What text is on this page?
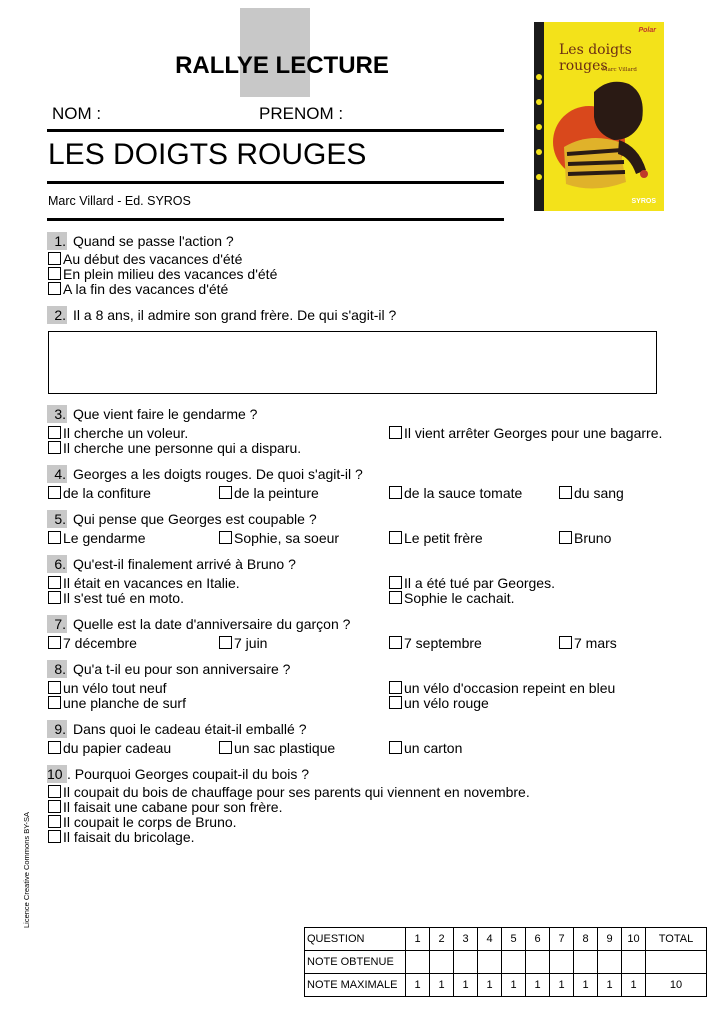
RALLYE LECTURE
NOM :	PRENOM :
LES DOIGTS ROUGES
Marc Villard - Ed. SYROS
Polar
Les doigts
rouges
Marc Villard
SYROS
1. Quand se passe l'action ?
Au début des vacances d'été
En plein milieu des vacances d'été
A la fin des vacances d'été
2. Il a 8 ans, il admire son grand frère. De qui s'agit-il ?
3. Que vient faire le gendarme ?
Il cherche un voleur.	Il vient arrêter Georges pour une bagarre.
Il cherche une personne qui a disparu.
4. Georges a les doigts rouges. De quoi s'agit-il ?
de la confiture	de la peinture	de la sauce tomate	du sang
5. Qui pense que Georges est coupable ?
Le gendarme	Sophie, sa soeur	Le petit frère	Bruno
6. Qu'est-il finalement arrivé à Bruno ?
Il était en vacances en Italie.	Il a été tué par Georges.
Il s'est tué en moto.	Sophie le cachait.
7. Quelle est la date d'anniversaire du garçon ?
7 décembre	7 juin	7 septembre	7 mars
8. Qu'a t-il eu pour son anniversaire ?
un vélo tout neuf	un vélo d'occasion repeint en bleu
une planche de surf	un vélo rouge
9. Dans quoi le cadeau était-il emballé ?
du papier cadeau	un sac plastique	un carton
10 . Pourquoi Georges coupait-il du bois ?
Il coupait du bois de chauffage pour ses parents qui viennent en novembre.
Il faisait une cabane pour son frère.
Il coupait le corps de Bruno.
Il faisait du bricolage.
Licence Creative Commons BY-SA
QUESTION	1	2	3	4	5	6	7	8	9	10	TOTAL
NOTE OBTENUE											
NOTE MAXIMALE	1	1	1	1	1	1	1	1	1	1	10
